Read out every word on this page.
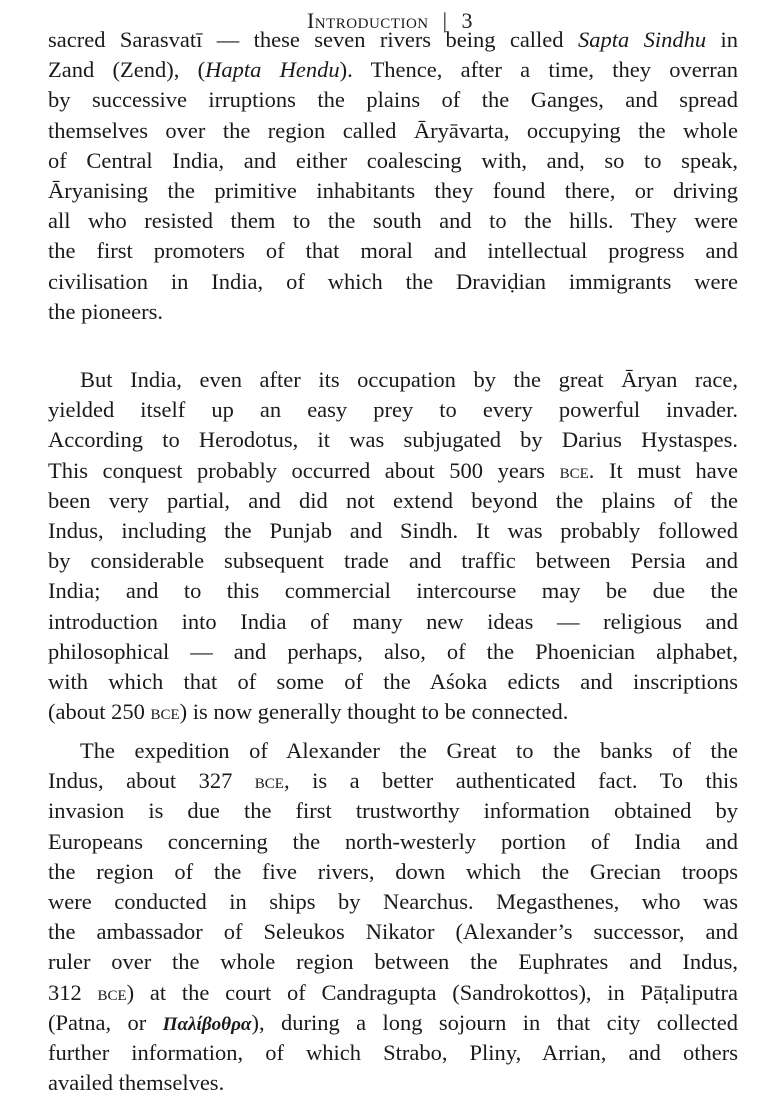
Introduction | 3
sacred Sarasvatī — these seven rivers being called Sapta Sindhu in
Zand (Zend), (Hapta Hendu). Thence, after a time, they overran
by successive irruptions the plains of the Ganges, and spread
themselves over the region called Āryāvarta, occupying the whole
of Central India, and either coalescing with, and, so to speak,
Āryanising the primitive inhabitants they found there, or driving
all who resisted them to the south and to the hills. They were
the first promoters of that moral and intellectual progress and
civilisation in India, of which the Draviḍian immigrants were
the pioneers.
But India, even after its occupation by the great Āryan race,
yielded itself up an easy prey to every powerful invader.
According to Herodotus, it was subjugated by Darius Hystaspes.
This conquest probably occurred about 500 years bce. It must have
been very partial, and did not extend beyond the plains of the
Indus, including the Punjab and Sindh. It was probably followed
by considerable subsequent trade and traffic between Persia and
India; and to this commercial intercourse may be due the
introduction into India of many new ideas — religious and
philosophical — and perhaps, also, of the Phoenician alphabet,
with which that of some of the Aśoka edicts and inscriptions
(about 250 bce) is now generally thought to be connected.
The expedition of Alexander the Great to the banks of the
Indus, about 327 bce, is a better authenticated fact. To this
invasion is due the first trustworthy information obtained by
Europeans concerning the north-westerly portion of India and
the region of the five rivers, down which the Grecian troops
were conducted in ships by Nearchus. Megasthenes, who was
the ambassador of Seleukos Nikator (Alexander’s successor, and
ruler over the whole region between the Euphrates and Indus,
312 bce) at the court of Candragupta (Sandrokottos), in Pāṭaliputra
(Patna, or Παλίβοθρα), during a long sojourn in that city collected
further information, of which Strabo, Pliny, Arrian, and others
availed themselves.
